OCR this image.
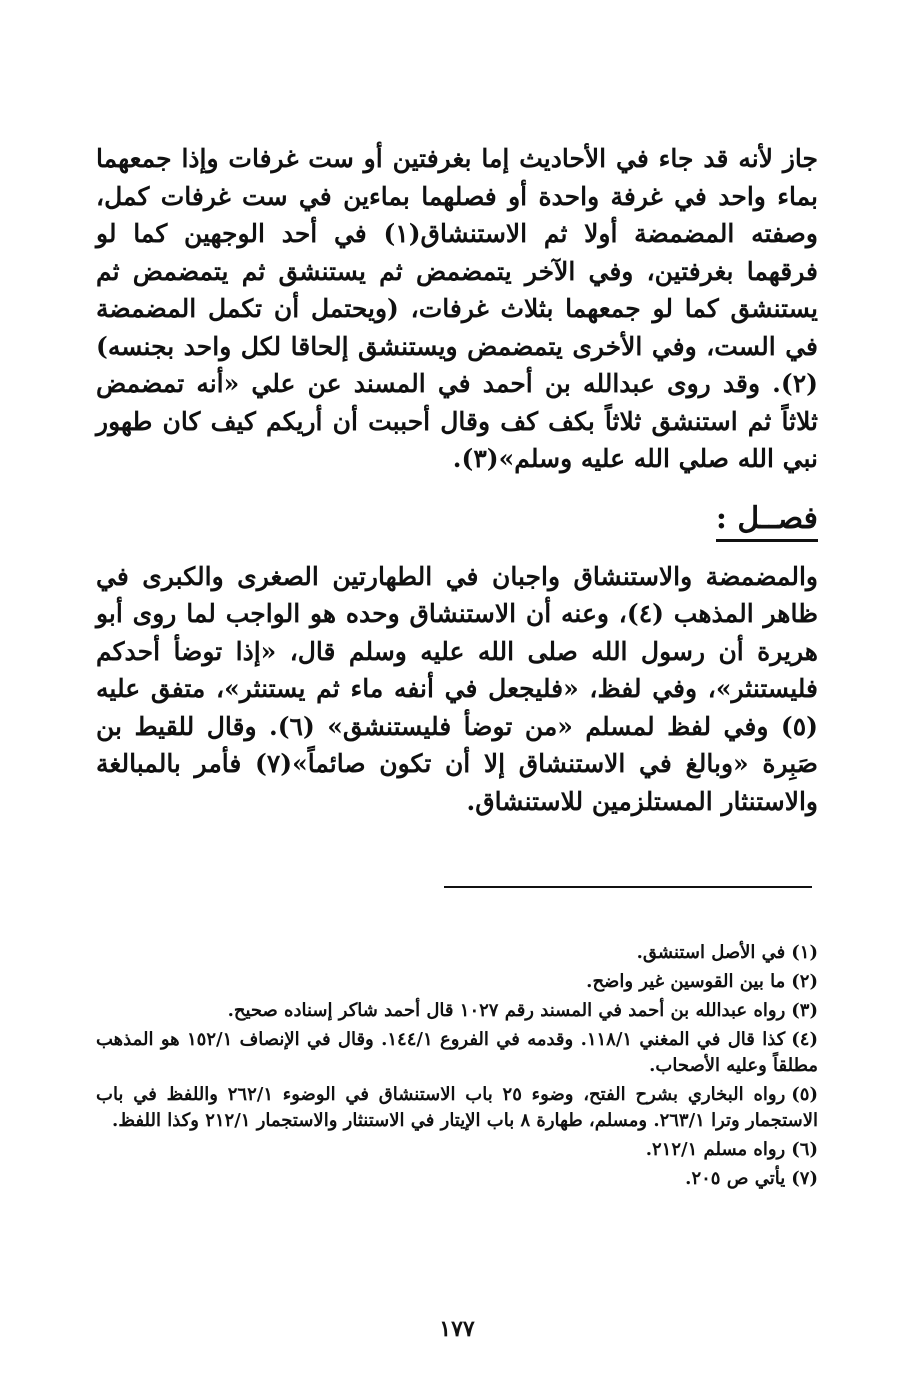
جاز لأنه قد جاء في الأحاديث إما بغرفتين أو ست غرفات وإذا جمعهما بماء واحد في غرفة واحدة أو فصلهما بماءين في ست غرفات كمل، وصفته المضمضة أولا ثم الاستنشاق(١) في أحد الوجهين كما لو فرقهما بغرفتين، وفي الآخر يتمضمض ثم يستنشق ثم يتمضمض ثم يستنشق كما لو جمعهما بثلاث غرفات، (ويحتمل أن تكمل المضمضة في الست، وفي الأخرى يتمضمض ويستنشق إلحاقا لكل واحد بجنسه) (٢). وقد روى عبدالله بن أحمد في المسند عن علي «أنه تمضمض ثلاثاً ثم استنشق ثلاثاً بكف كف وقال أحببت أن أريكم كيف كان طهور نبي الله صلي الله عليه وسلم»(٣).

فصــل :

والمضمضة والاستنشاق واجبان في الطهارتين الصغرى والكبرى في ظاهر المذهب (٤)، وعنه أن الاستنشاق وحده هو الواجب لما روى أبو هريرة أن رسول الله صلى الله عليه وسلم قال، «إذا توضأ أحدكم فليستنثر»، وفي لفظ، «فليجعل في أنفه ماء ثم يستنثر»، متفق عليه (٥) وفي لفظ لمسلم «من توضأ فليستنشق» (٦). وقال للقيط بن صَبِرة «وبالغ في الاستنشاق إلا أن تكون صائماً»(٧) فأمر بالمبالغة والاستنثار المستلزمين للاستنشاق.

(١)في الأصل استنشق.

(٢)ما بين القوسين غير واضح.

(٣)رواه عبدالله بن أحمد في المسند رقم ١٠٢٧ قال أحمد شاكر إسناده صحيح.

(٤)كذا قال في المغني ١١٨/١. وقدمه في الفروع ١٤٤/١. وقال في الإنصاف ١٥٢/١ هو المذهب مطلقاً وعليه الأصحاب.

(٥)رواه البخاري بشرح الفتح، وضوء ٢٥ باب الاستنشاق في الوضوء ٢٦٢/١ واللفظ في باب الاستجمار وترا ٢٦٣/١. ومسلم، طهارة ٨ باب الإيتار في الاستنثار والاستجمار ٢١٢/١ وكذا اللفظ.

(٦)رواه مسلم ٢١٢/١.

(٧)يأتي ص ٢٠٥.

١٧٧
